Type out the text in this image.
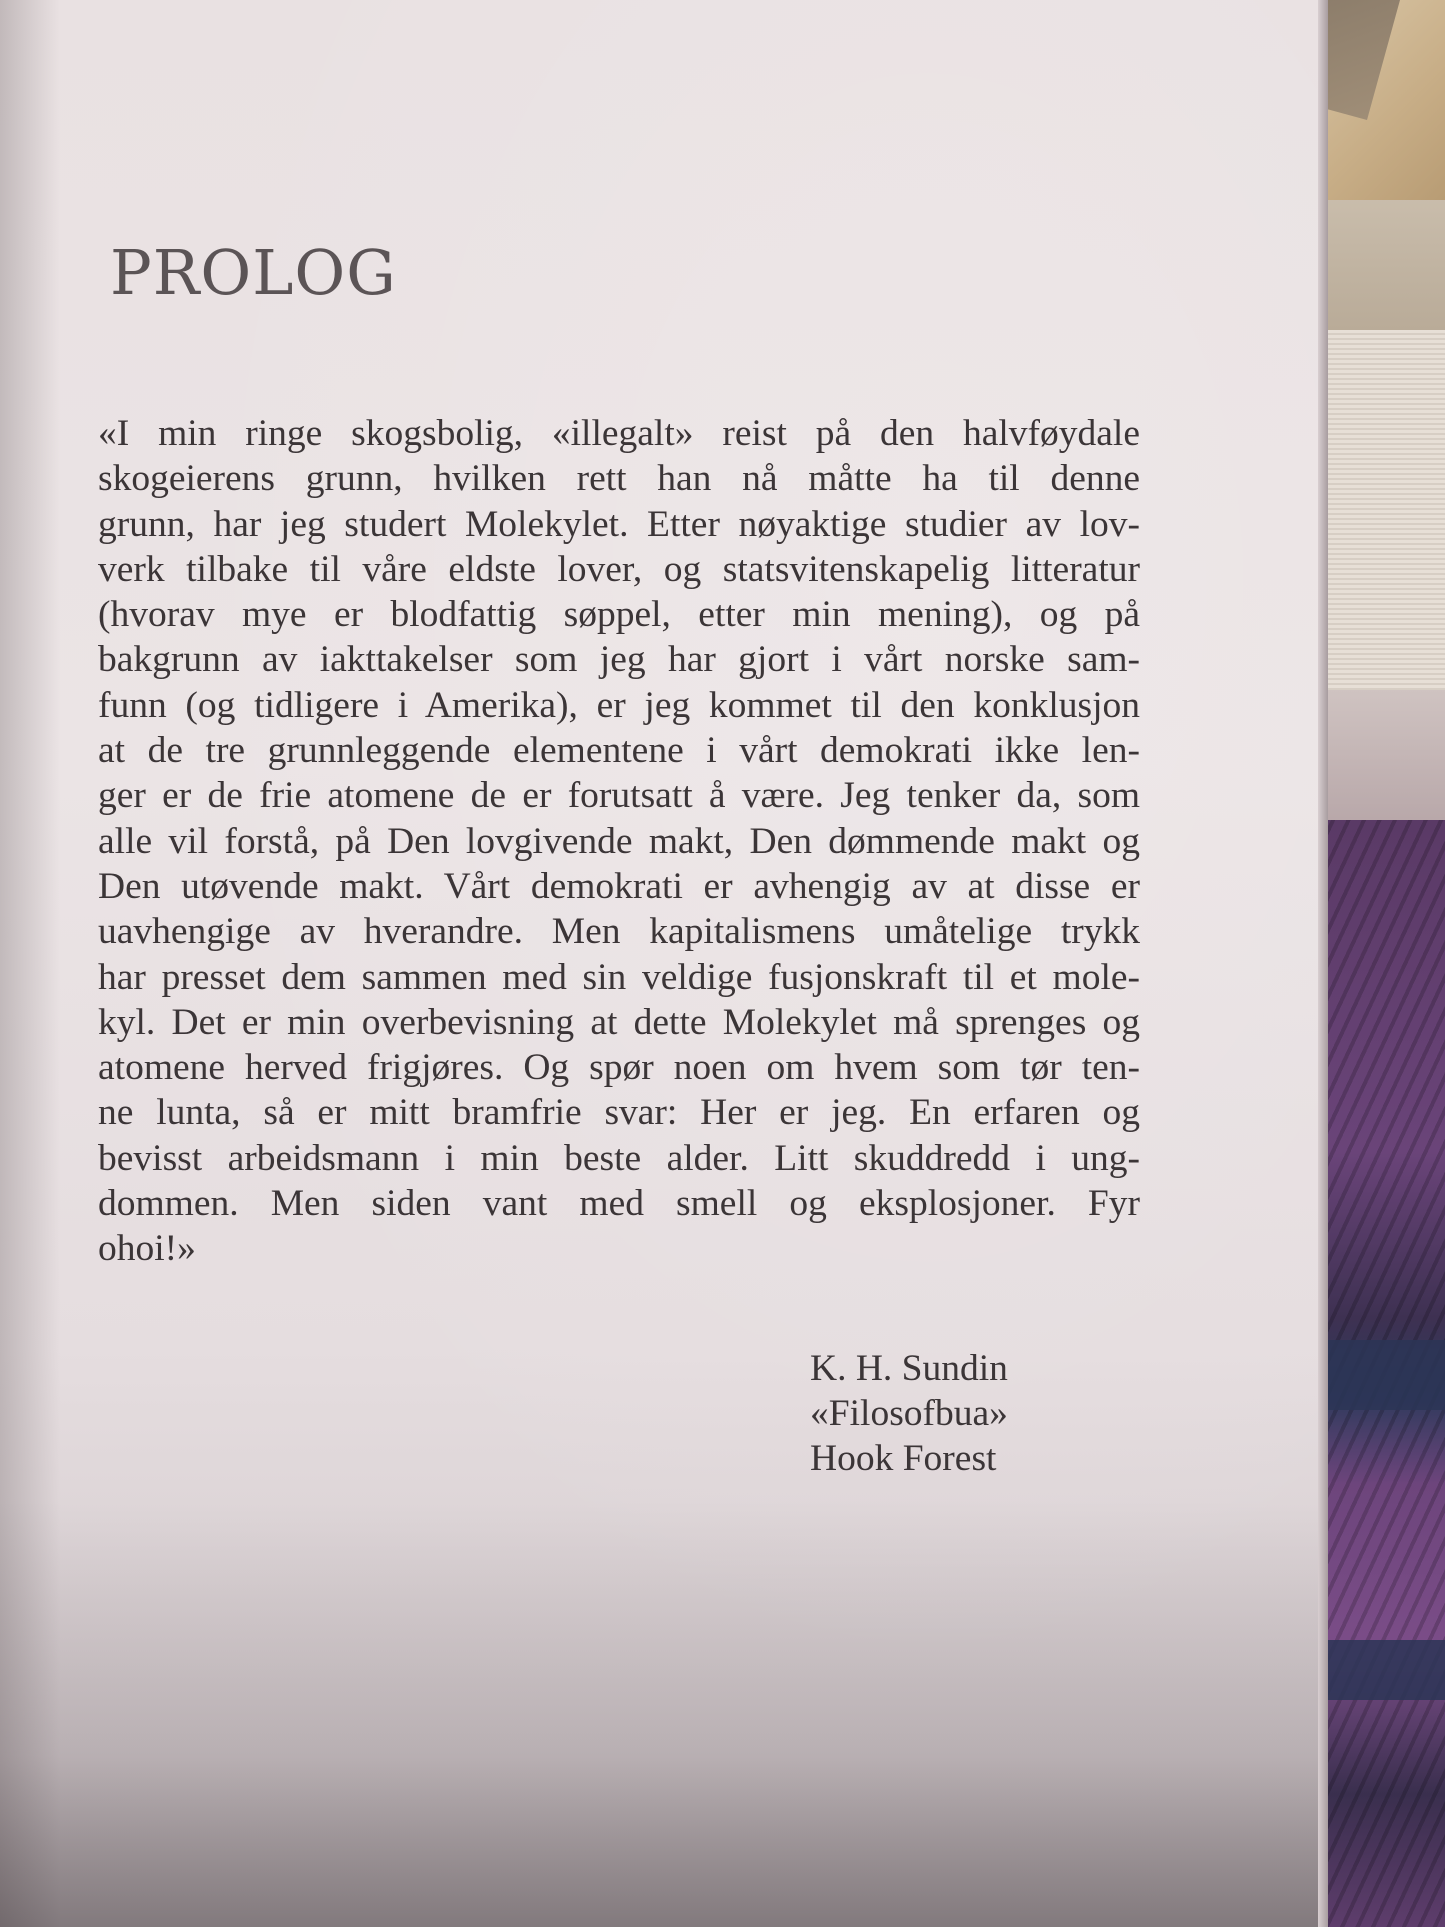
PROLOG
«I min ringe skogsbolig, «illegalt» reist på den halvføydale
skogeierens grunn, hvilken rett han nå måtte ha til denne
grunn, har jeg studert Molekylet. Etter nøyaktige studier av lov-
verk tilbake til våre eldste lover, og statsvitenskapelig litteratur
(hvorav mye er blodfattig søppel, etter min mening), og på
bakgrunn av iakttakelser som jeg har gjort i vårt norske sam-
funn (og tidligere i Amerika), er jeg kommet til den konklusjon
at de tre grunnleggende elementene i vårt demokrati ikke len-
ger er de frie atomene de er forutsatt å være. Jeg tenker da, som
alle vil forstå, på Den lovgivende makt, Den dømmende makt og
Den utøvende makt. Vårt demokrati er avhengig av at disse er
uavhengige av hverandre. Men kapitalismens umåtelige trykk
har presset dem sammen med sin veldige fusjonskraft til et mole-
kyl. Det er min overbevisning at dette Molekylet må sprenges og
atomene herved frigjøres. Og spør noen om hvem som tør ten-
ne lunta, så er mitt bramfrie svar: Her er jeg. En erfaren og
bevisst arbeidsmann i min beste alder. Litt skuddredd i ung-
dommen. Men siden vant med smell og eksplosjoner. Fyr
ohoi!»
K. H. Sundin
«Filosofbua»
Hook Forest
